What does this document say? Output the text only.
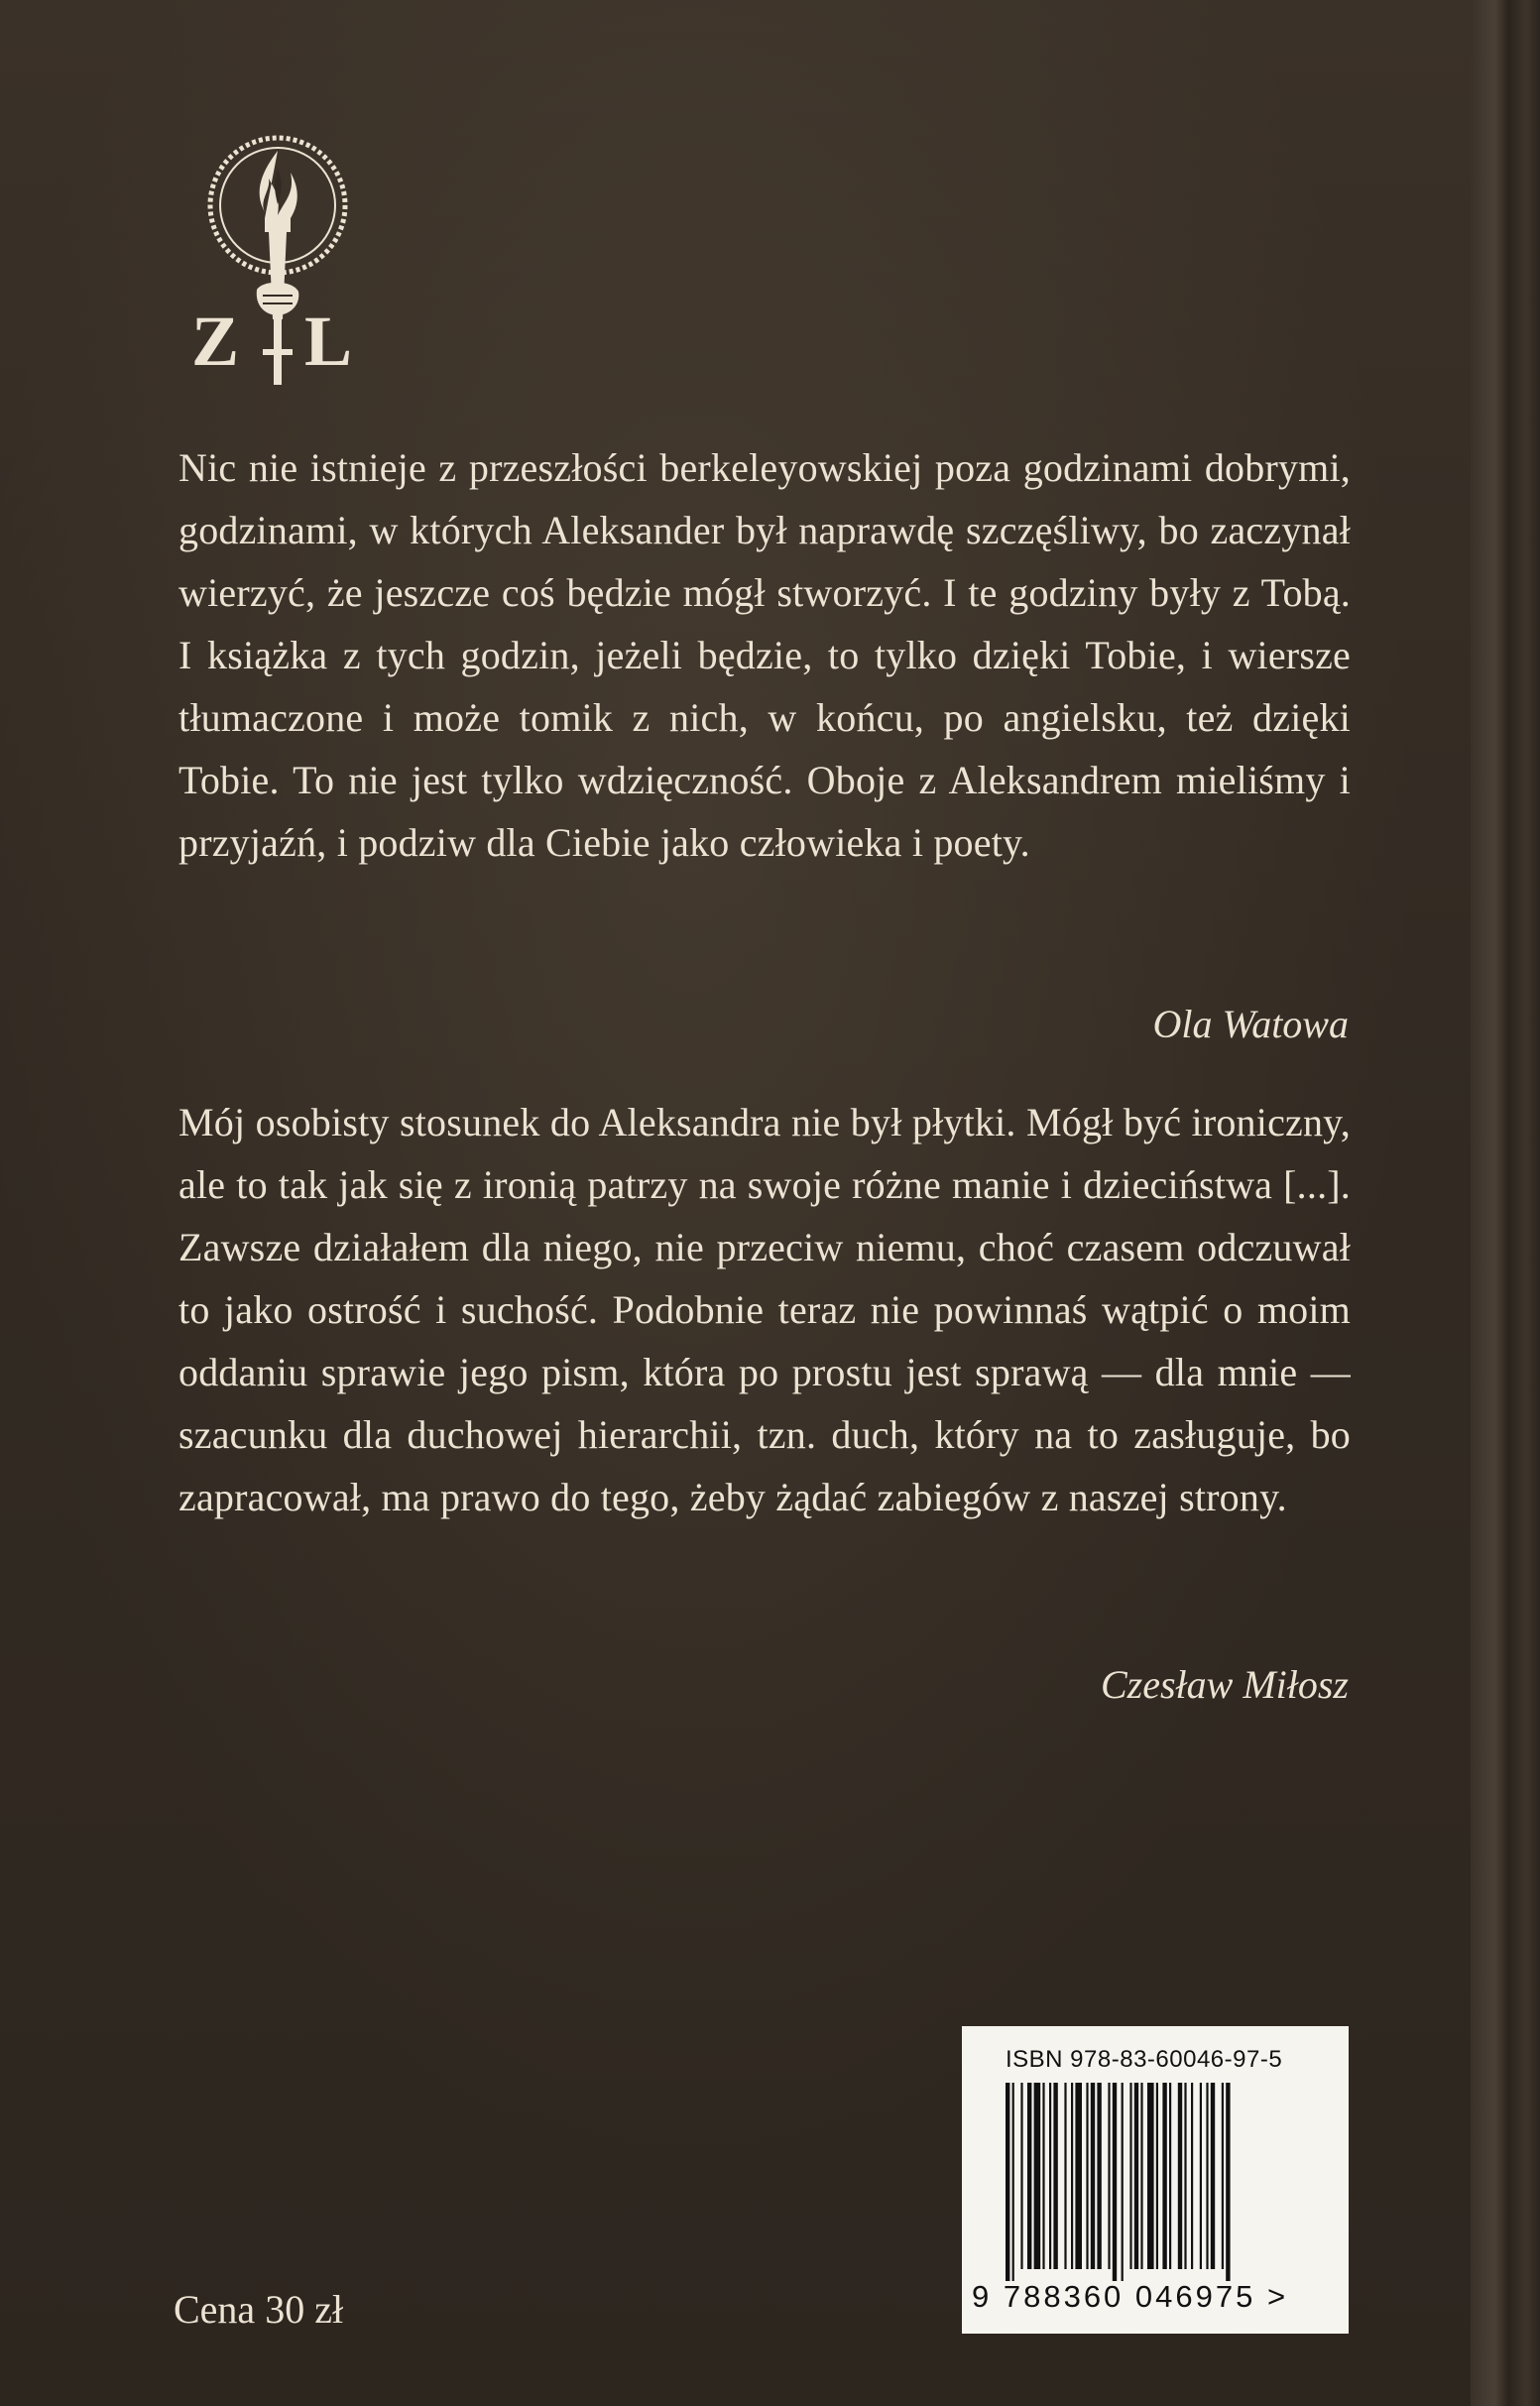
Z L

Nic nie istnieje z przeszłości berkeleyowskiej poza godzinami dobrymi, godzinami, w których Aleksander był naprawdę szczęśliwy, bo zaczynał wierzyć, że jeszcze coś będzie mógł stworzyć. I te godziny były z Tobą. I książka z tych godzin, jeżeli będzie, to tylko dzięki Tobie, i wiersze tłumaczone i może tomik z nich, w końcu, po angielsku, też dzięki Tobie. To nie jest tylko wdzięczność. Oboje z Aleksandrem mieliśmy i przyjaźń, i podziw dla Ciebie jako człowieka i poety.

Ola Watowa

Mój osobisty stosunek do Aleksandra nie był płytki. Mógł być ironiczny, ale to tak jak się z ironią patrzy na swoje różne manie i dzieciństwa [...]. Zawsze działałem dla niego, nie przeciw niemu, choć czasem odczuwał to jako ostrość i suchość. Podobnie teraz nie powinnaś wątpić o moim oddaniu sprawie jego pism, która po prostu jest sprawą — dla mnie — szacunku dla duchowej hierarchii, tzn. duch, który na to zasługuje, bo zapracował, ma prawo do tego, żeby żądać zabiegów z naszej strony.

Czesław Miłosz
Cena 30 zł
ISBN 978-83-60046-97-5
9 788360 046975 >
